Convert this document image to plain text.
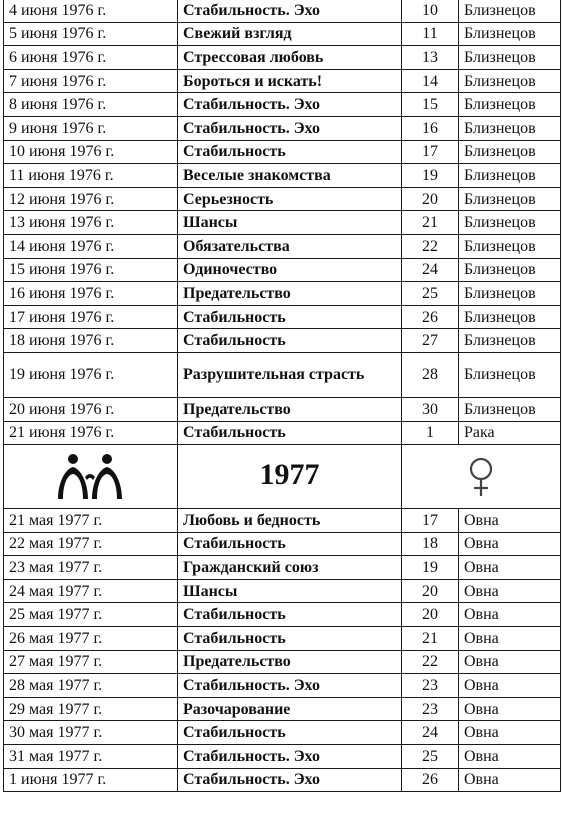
4 июня 1976 г.	Стабильность. Эхо	10	Близнецов
5 июня 1976 г.	Свежий взгляд	11	Близнецов
6 июня 1976 г.	Стрессовая любовь	13	Близнецов
7 июня 1976 г.	Бороться и искать!	14	Близнецов
8 июня 1976 г.	Стабильность. Эхо	15	Близнецов
9 июня 1976 г.	Стабильность. Эхо	16	Близнецов
10 июня 1976 г.	Стабильность	17	Близнецов
11 июня 1976 г.	Веселые знакомства	19	Близнецов
12 июня 1976 г.	Серьезность	20	Близнецов
13 июня 1976 г.	Шансы	21	Близнецов
14 июня 1976 г.	Обязательства	22	Близнецов
15 июня 1976 г.	Одиночество	24	Близнецов
16 июня 1976 г.	Предательство	25	Близнецов
17 июня 1976 г.	Стабильность	26	Близнецов
18 июня 1976 г.	Стабильность	27	Близнецов
19 июня 1976 г.	Разрушительная страсть	28	Близнецов
20 июня 1976 г.	Предательство	30	Близнецов
21 июня 1976 г.	Стабильность	1	Рака
	1977	
21 мая 1977 г.	Любовь и бедность	17	Овна
22 мая 1977 г.	Стабильность	18	Овна
23 мая 1977 г.	Гражданский союз	19	Овна
24 мая 1977 г.	Шансы	20	Овна
25 мая 1977 г.	Стабильность	20	Овна
26 мая 1977 г.	Стабильность	21	Овна
27 мая 1977 г.	Предательство	22	Овна
28 мая 1977 г.	Стабильность. Эхо	23	Овна
29 мая 1977 г.	Разочарование	23	Овна
30 мая 1977 г.	Стабильность	24	Овна
31 мая 1977 г.	Стабильность. Эхо	25	Овна
1 июня 1977 г.	Стабильность. Эхо	26	Овна
